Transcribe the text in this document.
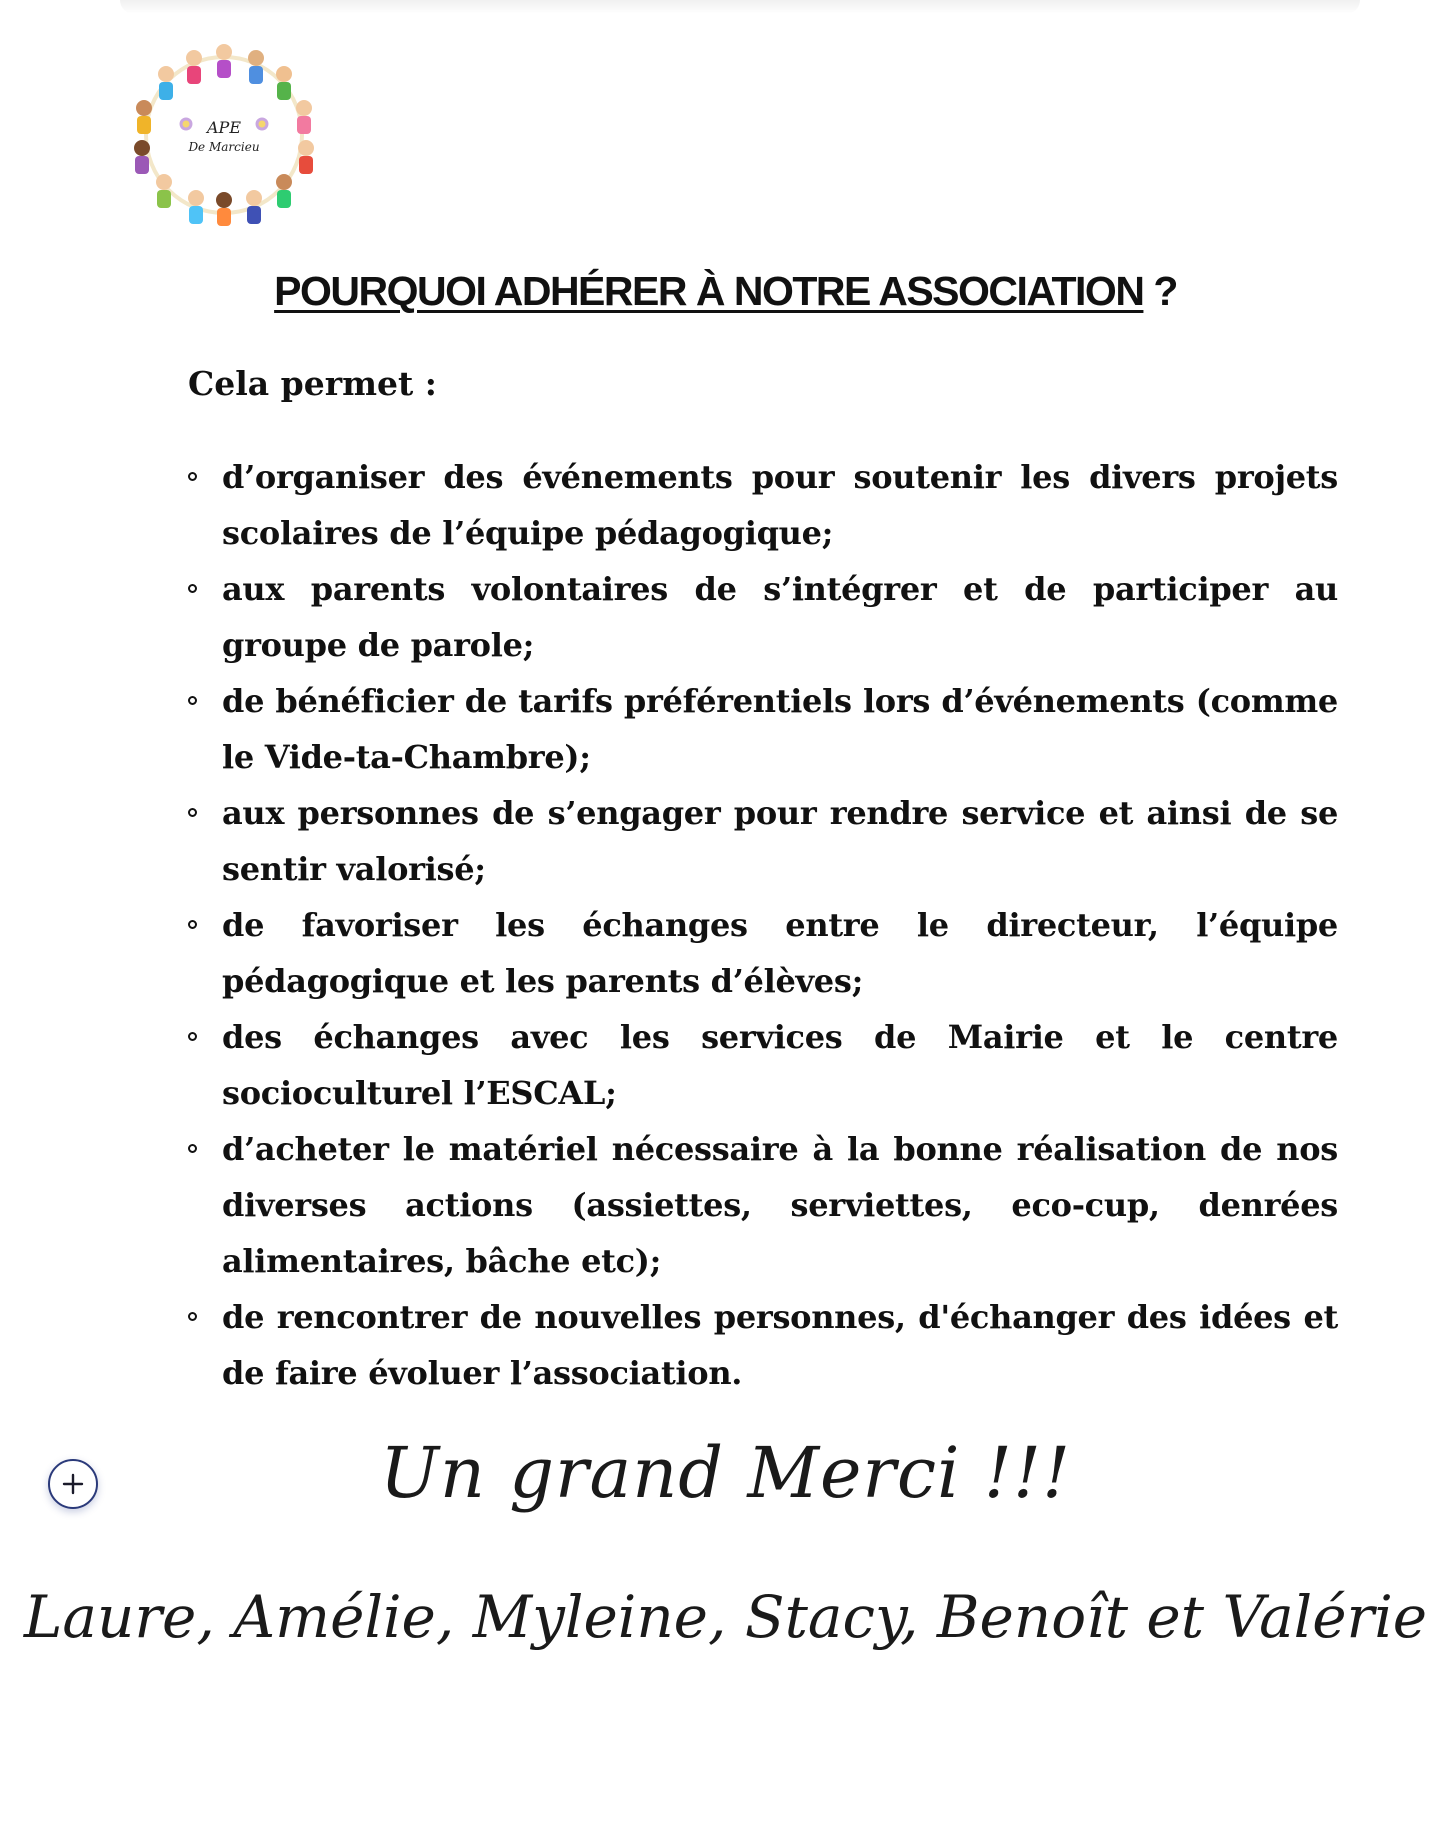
APE
De Marcieu
POURQUOI ADHÉRER À NOTRE ASSOCIATION ?
Cela permet :
d’organiser des événements pour soutenir les divers projets scolaires de l’équipe pédagogique;
aux parents volontaires de s’intégrer et de participer au groupe de parole;
de bénéficier de tarifs préférentiels lors d’événements (comme le Vide-ta-Chambre);
aux personnes de s’engager pour rendre service et ainsi de se sentir valorisé;
de favoriser les échanges entre le directeur, l’équipe pédagogique et les parents d’élèves;
des échanges avec les services de Mairie et le centre socioculturel l’ESCAL;
d’acheter le matériel nécessaire à la bonne réalisation de nos diverses actions (assiettes, serviettes, eco-cup, denrées alimentaires, bâche etc);
de rencontrer de nouvelles personnes, d'échanger des idées et de faire évoluer l’association.
Un grand Merci !!!
Laure, Amélie, Myleine, Stacy, Benoît et Valérie
